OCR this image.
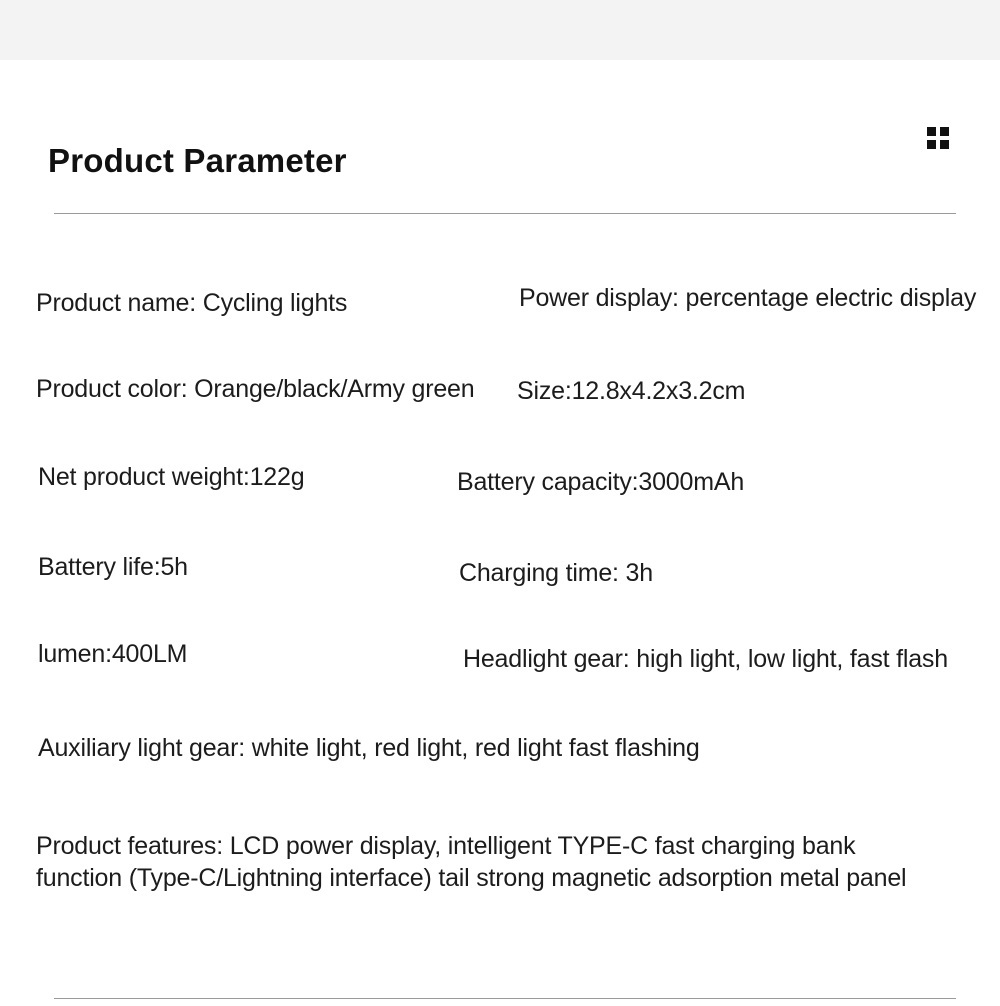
Product Parameter
Product name: Cycling lights	Power display: percentage electric display
Product color: Orange/black/Army green Size:12.8x4.2x3.2cm
Net product weight:122g	Battery capacity:3000mAh
Battery life:5h	Charging time: 3h
lumen:400LM	Headlight gear: high light, low light, fast flash
Auxiliary light gear: white light, red light, red light fast flashing
Product features: LCD power display, intelligent TYPE-C fast charging bank
function (Type-C/Lightning interface) tail strong magnetic adsorption metal panel
